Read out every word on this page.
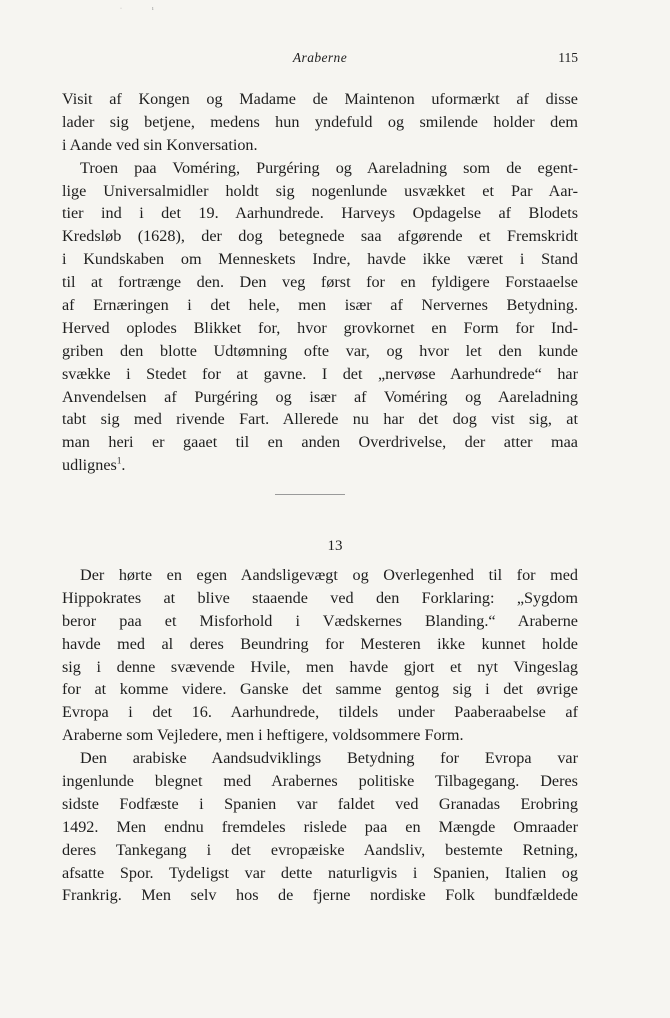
·ı
Araberne	115
Visit af Kongen og Madame de Maintenon uformærkt af disse
lader sig betjene, medens hun yndefuld og smilende holder dem
i Aande ved sin Konversation.
Troen paa Voméring, Purgéring og Aareladning som de egent-
lige Universalmidler holdt sig nogenlunde usvækket et Par Aar-
tier ind i det 19. Aarhundrede. Harveys Opdagelse af Blodets
Kredsløb (1628), der dog betegnede saa afgørende et Fremskridt
i Kundskaben om Menneskets Indre, havde ikke været i Stand
til at fortrænge den. Den veg først for en fyldigere Forstaaelse
af Ernæringen i det hele, men især af Nervernes Betydning.
Herved oplodes Blikket for, hvor grovkornet en Form for Ind-
griben den blotte Udtømning ofte var, og hvor let den kunde
svække i Stedet for at gavne. I det „nervøse Aarhundrede“ har
Anvendelsen af Purgéring og især af Voméring og Aareladning
tabt sig med rivende Fart. Allerede nu har det dog vist sig, at
man heri er gaaet til en anden Overdrivelse, der atter maa
udlignes$^1$.
13
Der hørte en egen Aandsligevægt og Overlegenhed til for med
Hippokrates at blive staaende ved den Forklaring: „Sygdom
beror paa et Misforhold i Vædskernes Blanding.“ Araberne
havde med al deres Beundring for Mesteren ikke kunnet holde
sig i denne svævende Hvile, men havde gjort et nyt Vingeslag
for at komme videre. Ganske det samme gentog sig i det øvrige
Evropa i det 16. Aarhundrede, tildels under Paaberaabelse af
Araberne som Vejledere, men i heftigere, voldsommere Form.
Den arabiske Aandsudviklings Betydning for Evropa var
ingenlunde blegnet med Arabernes politiske Tilbagegang. Deres
sidste Fodfæste i Spanien var faldet ved Granadas Erobring
1492. Men endnu fremdeles rislede paa en Mængde Omraader
deres Tankegang i det evropæiske Aandsliv, bestemte Retning,
afsatte Spor. Tydeligst var dette naturligvis i Spanien, Italien og
Frankrig. Men selv hos de fjerne nordiske Folk bundfældede
